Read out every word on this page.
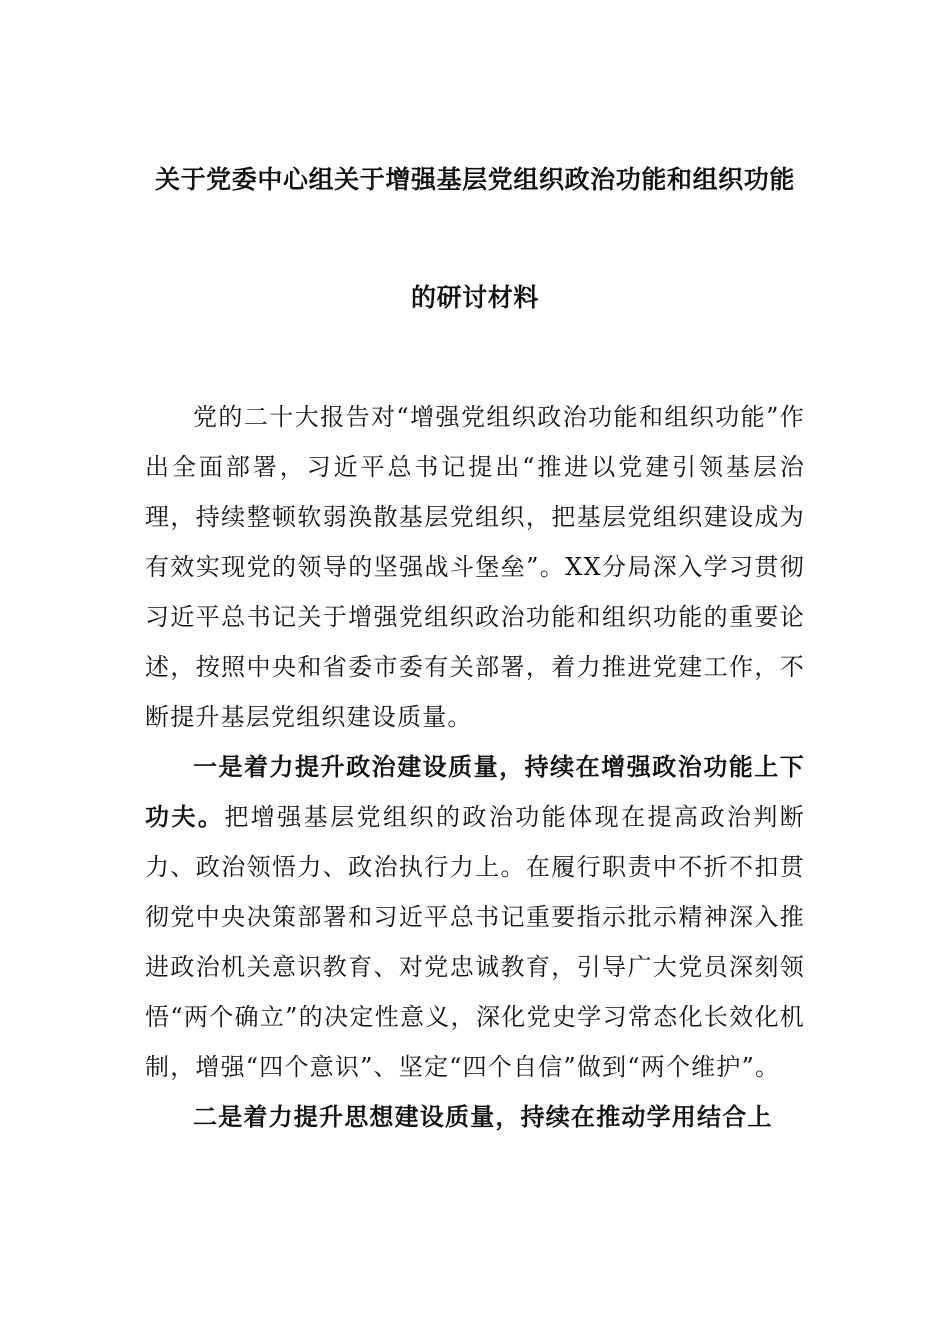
关于党委中心组关于增强基层党组织政治功能和组织功能
的研讨材料

党的二十大报告对“增强党组织政治功能和组织功能”作出全面部署，习近平总书记提出“推进以党建引领基层治理，持续整顿软弱涣散基层党组织，把基层党组织建设成为有效实现党的领导的坚强战斗堡垒”。XX分局深入学习贯彻习近平总书记关于增强党组织政治功能和组织功能的重要论述，按照中央和省委市委有关部署，着力推进党建工作，不断提升基层党组织建设质量。

一是着力提升政治建设质量，持续在增强政治功能上下功夫。把增强基层党组织的政治功能体现在提高政治判断力、政治领悟力、政治执行力上。在履行职责中不折不扣贯彻党中央决策部署和习近平总书记重要指示批示精神深入推进政治机关意识教育、对党忠诚教育，引导广大党员深刻领悟“两个确立”的决定性意义，深化党史学习常态化长效化机制，增强“四个意识”、坚定“四个自信”做到“两个维护”。

二是着力提升思想建设质量，持续在推动学用结合上
